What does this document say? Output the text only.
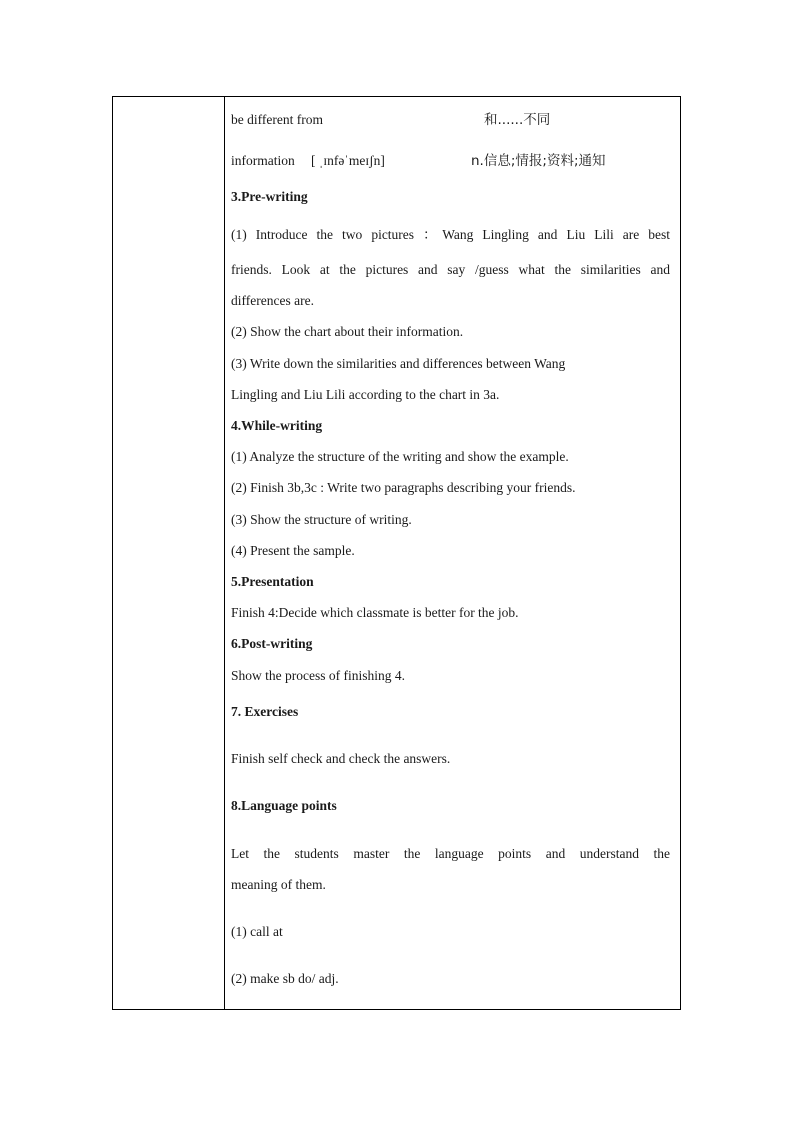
be different from	和......不同
information [ ˌɪnfəˈmeɪʃn]	n.信息;情报;资料;通知
3.Pre-writing
(1) Introduce the two pictures ：Wang Lingling and Liu Lili are best
friends. Look at the pictures and say /guess what the similarities and
differences are.
(2) Show the chart about their information.
(3) Write down the similarities and differences between Wang
Lingling and Liu Lili according to the chart in 3a.
4.While-writing
(1) Analyze the structure of the writing and show the example.
(2) Finish 3b,3c : Write two paragraphs describing your friends.
(3) Show the structure of writing.
(4) Present the sample.
5.Presentation
Finish 4:Decide which classmate is better for the job.
6.Post-writing
Show the process of finishing 4.
7. Exercises
Finish self check and check the answers.
8.Language points
Let the students master the language points and understand the
meaning of them.
(1) call at
(2) make sb do/ adj.
